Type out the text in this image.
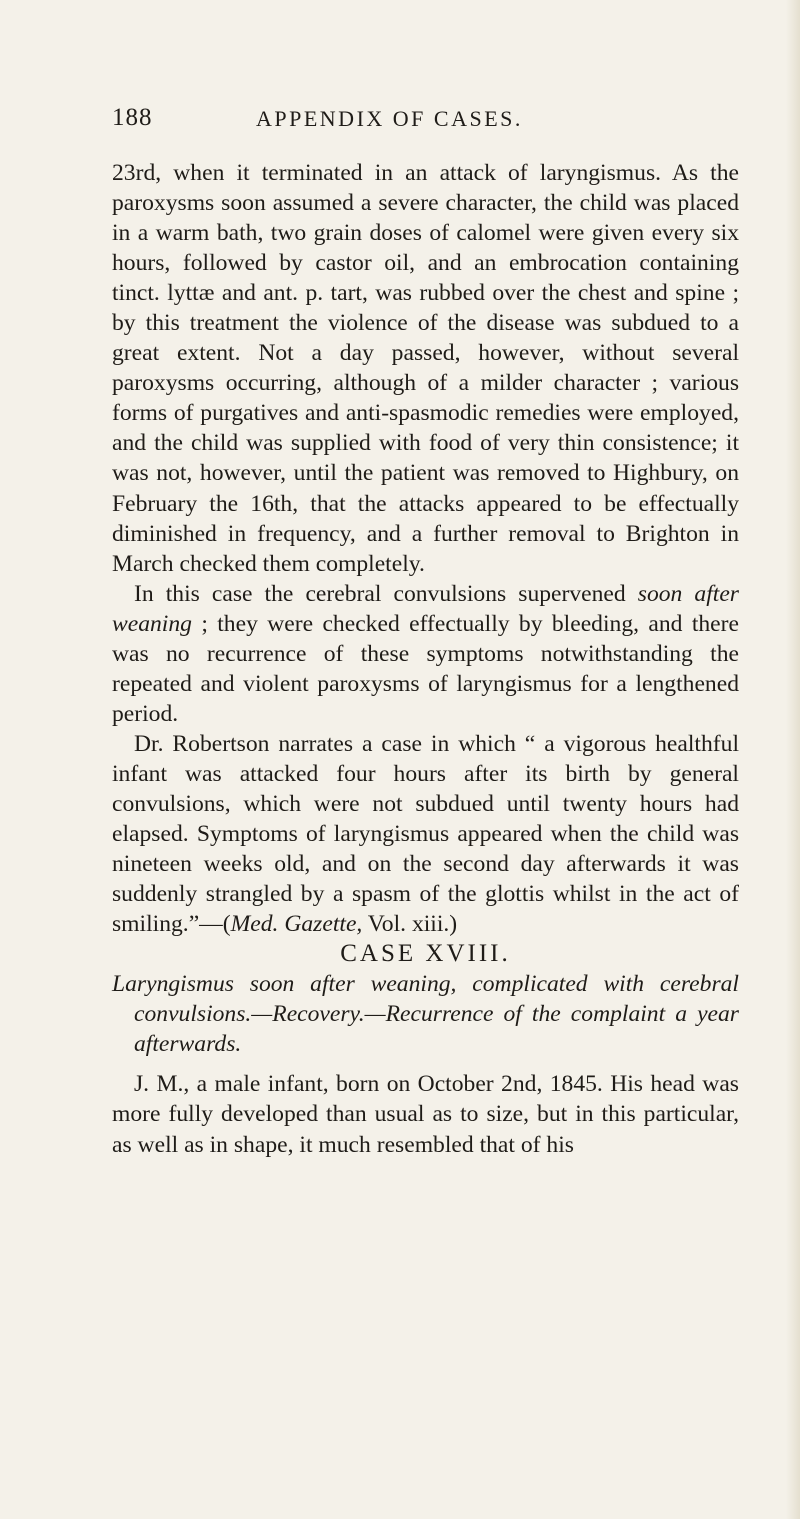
188	APPENDIX OF CASES.

23rd, when it terminated in an attack of laryngismus. As the paroxysms soon assumed a severe character, the child was placed in a warm bath, two grain doses of calomel were given every six hours, followed by castor oil, and an embrocation containing tinct. lyttæ and ant. p. tart, was rubbed over the chest and spine ; by this treatment the violence of the disease was subdued to a great extent. Not a day passed, however, without several paroxysms occurring, although of a milder character ; various forms of purgatives and anti-spasmodic remedies were employed, and the child was supplied with food of very thin consistence; it was not, however, until the patient was removed to Highbury, on February the 16th, that the attacks appeared to be effectually diminished in frequency, and a further removal to Brighton in March checked them completely.

In this case the cerebral convulsions supervened soon after weaning ; they were checked effectually by bleeding, and there was no recurrence of these symptoms notwithstanding the repeated and violent paroxysms of laryngismus for a lengthened period.

Dr. Robertson narrates a case in which “ a vigorous healthful infant was attacked four hours after its birth by general convulsions, which were not subdued until twenty hours had elapsed. Symptoms of laryngismus appeared when the child was nineteen weeks old, and on the second day afterwards it was suddenly strangled by a spasm of the glottis whilst in the act of smiling.”—(Med. Gazette, Vol. xiii.)

CASE XVIII.

Laryngismus soon after weaning, complicated with cerebral convulsions.—Recovery.—Recurrence of the complaint a year afterwards.

J. M., a male infant, born on October 2nd, 1845. His head was more fully developed than usual as to size, but in this particular, as well as in shape, it much resembled that of his
